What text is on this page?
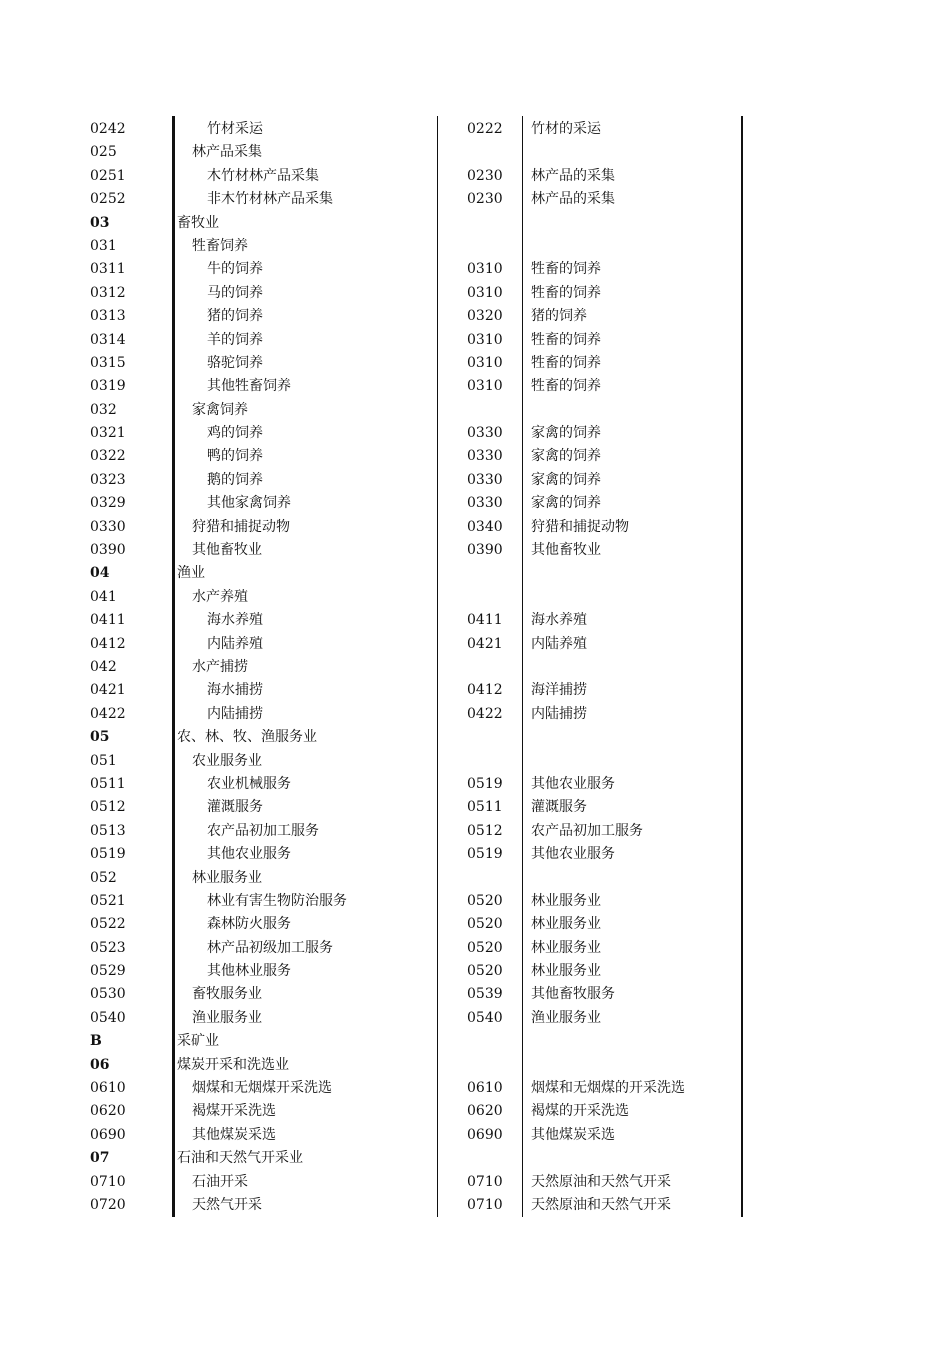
0242	竹材采运	0222 竹材的采运
025	林产品采集
0251	木竹材林产品采集	0230 林产品的采集
0252	非木竹材林产品采集	0230 林产品的采集
03	畜牧业
031	牲畜饲养
0311	牛的饲养	0310 牲畜的饲养
0312	马的饲养	0310 牲畜的饲养
0313	猪的饲养	0320 猪的饲养
0314	羊的饲养	0310 牲畜的饲养
0315	骆驼饲养	0310 牲畜的饲养
0319	其他牲畜饲养	0310 牲畜的饲养
032	家禽饲养
0321	鸡的饲养	0330 家禽的饲养
0322	鸭的饲养	0330 家禽的饲养
0323	鹅的饲养	0330 家禽的饲养
0329	其他家禽饲养	0330 家禽的饲养
0330	狩猎和捕捉动物	0340 狩猎和捕捉动物
0390	其他畜牧业	0390 其他畜牧业
04	渔业
041	水产养殖
0411	海水养殖	0411 海水养殖
0412	内陆养殖	0421 内陆养殖
042	水产捕捞
0421	海水捕捞	0412 海洋捕捞
0422	内陆捕捞	0422 内陆捕捞
05	农、林、牧、渔服务业
051	农业服务业
0511	农业机械服务	0519 其他农业服务
0512	灌溉服务	0511 灌溉服务
0513	农产品初加工服务	0512 农产品初加工服务
0519	其他农业服务	0519 其他农业服务
052	林业服务业
0521	林业有害生物防治服务	0520 林业服务业
0522	森林防火服务	0520 林业服务业
0523	林产品初级加工服务	0520 林业服务业
0529	其他林业服务	0520 林业服务业
0530	畜牧服务业	0539 其他畜牧服务
0540	渔业服务业	0540 渔业服务业
B	采矿业
06	煤炭开采和洗选业
0610	烟煤和无烟煤开采洗选	0610 烟煤和无烟煤的开采洗选
0620	褐煤开采洗选	0620 褐煤的开采洗选
0690	其他煤炭采选	0690 其他煤炭采选
07	石油和天然气开采业
0710	石油开采	0710 天然原油和天然气开采
0720	天然气开采	0710 天然原油和天然气开采
